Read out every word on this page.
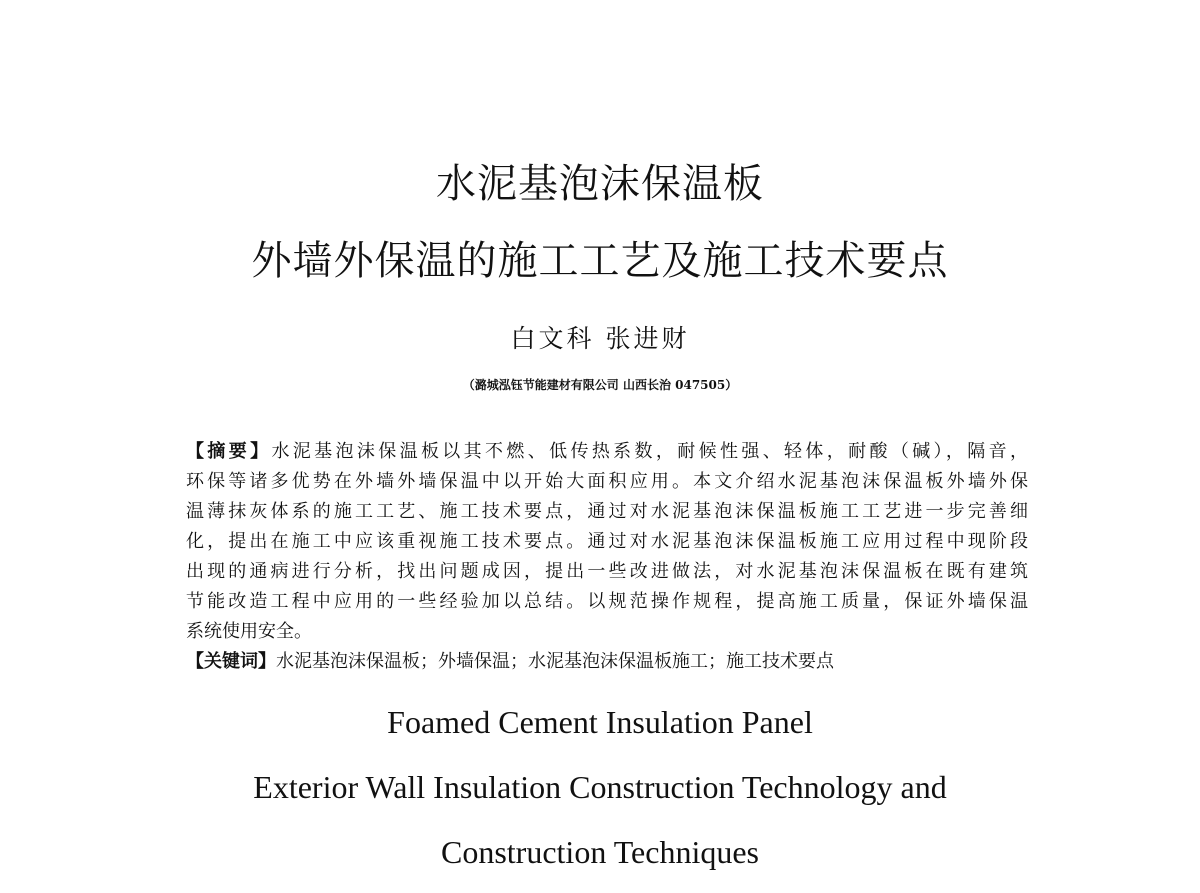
水泥基泡沫保温板
外墙外保温的施工工艺及施工技术要点
白文科 张进财
（潞城泓钰节能建材有限公司 山西长治 047505）
【摘要】水泥基泡沫保温板以其不燃、低传热系数，耐候性强、轻体，耐酸（碱），隔音，
环保等诸多优势在外墙外墙保温中以开始大面积应用。本文介绍水泥基泡沫保温板外墙外保
温薄抹灰体系的施工工艺、施工技术要点，通过对水泥基泡沫保温板施工工艺进一步完善细
化，提出在施工中应该重视施工技术要点。通过对水泥基泡沫保温板施工应用过程中现阶段
出现的通病进行分析，找出问题成因，提出一些改进做法，对水泥基泡沫保温板在既有建筑
节能改造工程中应用的一些经验加以总结。以规范操作规程，提高施工质量，保证外墙保温
系统使用安全。
【关键词】水泥基泡沫保温板；外墙保温；水泥基泡沫保温板施工；施工技术要点
Foamed Cement Insulation Panel
Exterior Wall Insulation Construction Technology and
Construction Techniques
